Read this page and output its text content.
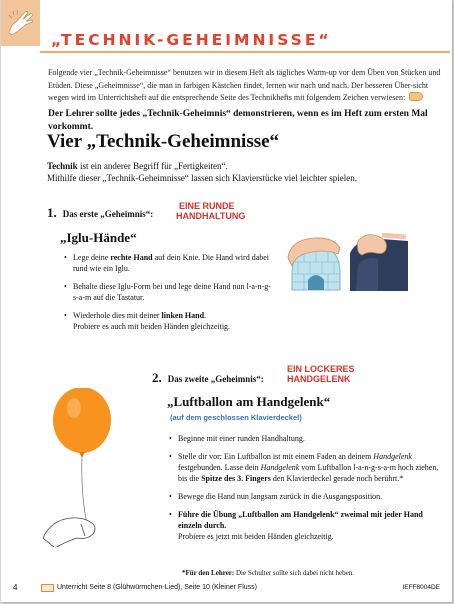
„TECHNIK-GEHEIMNISSE“
Folgende vier „Technik-Geheimnisse“ benutzen wir in diesem Heft als tägliches Warm-up vor dem Üben von Stücken und Etüden. Diese „Geheimnisse“, die man in farbigen Kästchen findet, lernen wir nach und nach. Der besseren Über-sicht wegen wird im Unterrichtsheft auf die entsprechende Seite des Technikhefts mit folgendem Zeichen verwiesen:
Der Lehrer sollte jedes „Technik-Geheimnis“ demonstrieren, wenn es im Heft zum ersten Mal vorkommt.
Vier „Technik-Geheimnisse“
Technik ist ein anderer Begriff für „Fertigkeiten“.
Mithilfe dieser „Technik-Geheimnisse“ lassen sich Klavierstücke viel leichter spielen.
1. Das erste „Geheimnis“:
EINE RUNDE
HANDHALTUNG
„Iglu-Hände“
• Lege deine rechte Hand auf dein Knie. Die Hand wird dabei rund wie ein Iglu.
• Behalte diese Iglu-Form bei und lege deine Hand nun l-a-n-g-s-a-m auf die Tastatur.
• Wiederhole dies mit deiner linken Hand.
Probiere es auch mit beiden Händen gleichzeitig.
2. Das zweite „Geheimnis“:
EIN LOCKERES
HANDGELENK
„Luftballon am Handgelenk“
(auf dem geschlossen Klavierdeckel)
• Beginne mit einer runden Handhaltung.
• Stelle dir vor: Ein Luftballon ist mit einem Faden an deinem Handgelenk festgebunden. Lasse dein Handgelenk vom Luftballon l-a-n-g-s-a-m hoch ziehen, bis die Spitze des 3. Fingers den Klavierdeckel gerade noch berührt.*
• Bewege die Hand nun langsam zurück in die Ausgangsposition.
• Führe die Übung „Luftballon am Handgelenk“ zweimal mit jeder Hand einzeln durch.
Probiere es jetzt mit beiden Händen gleichzeitig.
*Für den Lehrer: Die Schulter sollte sich dabei nicht heben.
4	Unterricht Seite 8 (Glühwürmchen-Lied), Seite 10 (Kleiner Fluss)	IEFF8004DE
